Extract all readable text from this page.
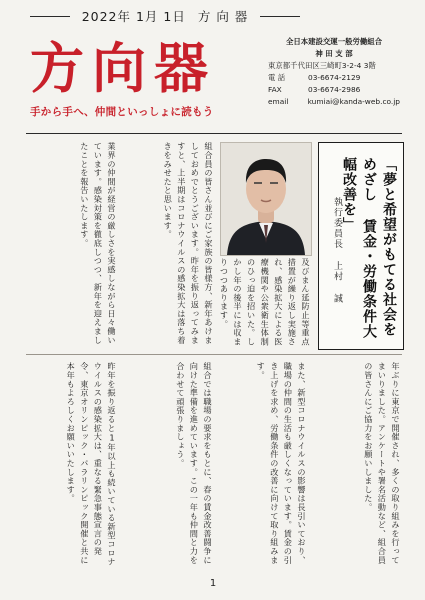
2022年 1月 1日 方 向 器
方向器
手から手へ、仲間といっしょに読もう
全日本建設交運一般労働組合
神 田 支 部
東京都千代田区三崎町3-2-4 3階
電 話	03-6674-2129
FAX	03-6674-2986
email	kumiai@kanda-web.co.jp
「夢と希望がもてる社会をめざし 賃金・労働条件大幅改善を」
執行委員長 上村 誠
組合員の皆さん並びにご家族の皆様方、新年あけましておめでとうございます。昨年を振り返ってみますと、上半期はコロナウイルスの感染拡大は落ち着きをみせたと思います。
及びまん延防止等重点措置が繰り返し実施され、感染拡大による医療機関や公衆衛生体制のひっ迫を招いた。しかし年の後半には収まりつつあります。
業界の仲間が経営の厳しさを実感しながら日々働いています。感染対策を徹底しつつ、新年を迎えましたことを報告いたします。
年ぶりに東京で開催され、多くの取り組みを行ってまいりました。アンケートや署名活動など、組合員の皆さんにご協力をお願いしました。
また、新型コロナウイルスの影響は長引いており、職場の仲間の生活も厳しくなっています。賃金の引き上げを求め、労働条件の改善に向けて取り組みます。
組合では職場の要求をもとに、春の賃金改善闘争に向けた準備を進めています。この一年も仲間と力を合わせて頑張りましょう。
昨年を振り返ると1年以上も続いている新型コロナウイルスの感染拡大は、重なる緊急事態宣言の発令、東京オリンピック・パラリンピック開催と共に本年もよろしくお願いいたします。
1
